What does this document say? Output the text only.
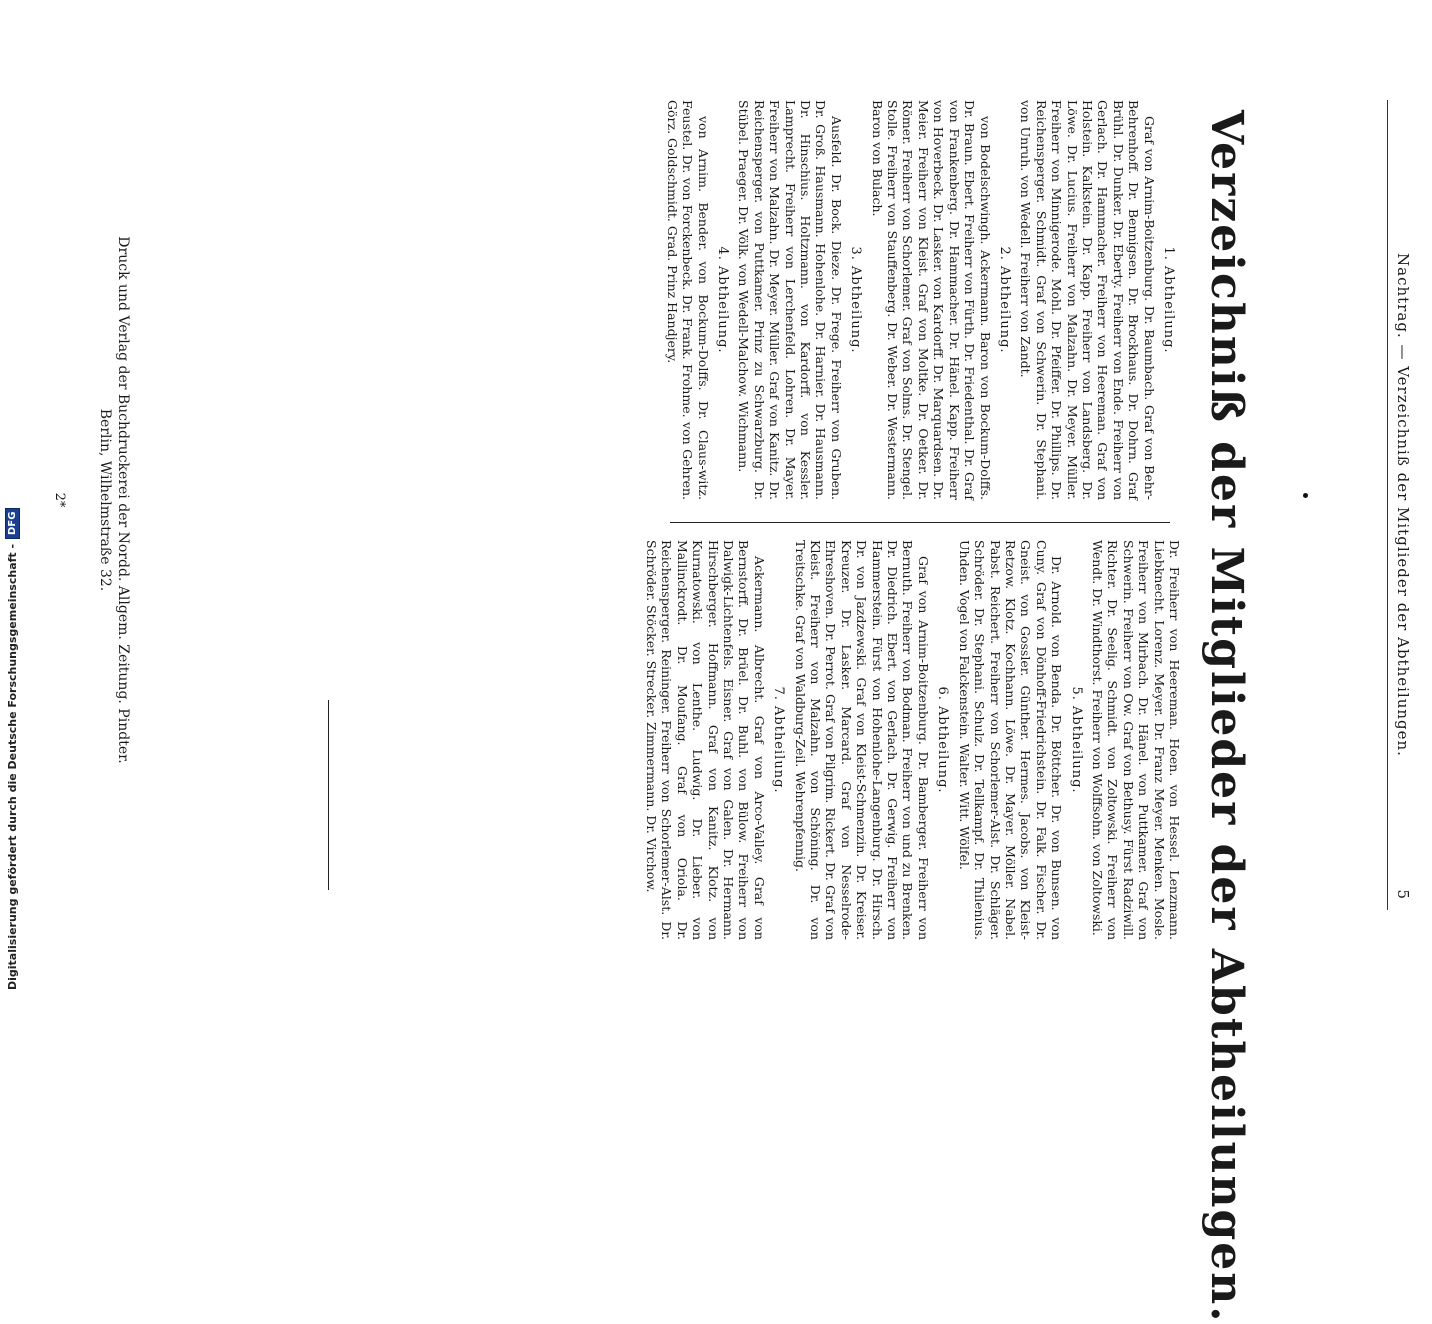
Nachtrag. — Verzeichniß der Mitglieder der Abtheilungen.
5
Verzeichniß der Mitglieder der Abtheilungen.
1. Abtheilung.

Graf von Arnim-Boitzenburg. Dr. Baumbach. Graf von Behr-Behrenhoff. Dr. Bennigsen. Dr. Brockhaus. Dr. Dohrn. Graf Brühl. Dr. Dunker. Dr. Eberty. Freiherr von Ende. Freiherr von Gerlach. Dr. Hammacher. Freiherr von Heereman. Graf von Holstein. Kalkstein. Dr. Kapp. Freiherr von Landsberg. Dr. Löwe. Dr. Lucius. Freiherr von Malzahn. Dr. Meyer. Müller. Freiherr von Minnigerode. Mohl. Dr. Pfeiffer. Dr. Phillips. Dr. Reichensperger. Schmidt. Graf von Schwerin. Dr. Stephani. von Unruh. von Wedell. Freiherr von Zandt.

2. Abtheilung.

von Bodelschwingh. Ackermann. Baron von Bockum-Dolffs. Dr. Braun. Ebert. Freiherr von Fürth. Dr. Friedenthal. Dr. Graf von Frankenberg. Dr. Hammacher. Dr. Hänel. Kapp. Freiherr von Hoverbeck. Dr. Lasker. von Kardorff. Dr. Marquardsen. Dr. Meier. Freiherr von Kleist. Graf von Moltke. Dr. Oetker. Dr. Römer. Freiherr von Schorlemer. Graf von Solms. Dr. Stengel. Stolle. Freiherr von Stauffenberg. Dr. Weber. Dr. Westermann. Baron von Bulach.

3. Abtheilung.

Ausfeld. Dr. Bock. Dieze. Dr. Frege. Freiherr von Gruben. Dr. Groß. Hausmann. Hohenlohe. Dr. Harnier. Dr. Hausmann. Dr. Hinschius. Holtzmann. von Kardorff. von Kessler. Lamprecht. Freiherr von Lerchenfeld. Lohren. Dr. Mayer. Freiherr von Malzahn. Dr. Meyer. Müller. Graf von Kanitz. Dr. Reichensperger. von Puttkamer. Prinz zu Schwarzburg. Dr. Stübel. Praeger. Dr. Völk. von Wedell-Malchow. Wichmann.

4. Abtheilung.

von Arnim. Bender. von Bockum-Dolffs. Dr. Claus-witz. Feustel. Dr. von Forckenbeck. Dr. Frank. Frohme. von Gehren. Görz. Goldschmidt. Grad. Prinz Handjery.

Dr. Freiherr von Heereman. Hoen. von Hessel. Lenzmann. Liebknecht. Lorenz. Meyer. Dr. Franz Meyer. Menken. Mosle. Freiherr von Mirbach. Dr. Hänel. von Puttkamer. Graf von Schwerin. Freiherr von Ow. Graf von Bethusy. Fürst Radziwill. Richter. Dr. Seelig. Schmidt. von Zoltowski. Freiherr von Wendt. Dr. Windthorst. Freiherr von Wolffsohn. von Zoltowski.

5. Abtheilung.

Dr. Arnold. von Benda. Dr. Böttcher. Dr. von Bunsen. von Cuny. Graf von Dönhoff-Friedrichstein. Dr. Falk. Fischer. Dr. Gneist. von Gossler. Günther. Hermes. Jacobs. von Kleist-Retzow. Klotz. Kochhann. Löwe. Dr. Mayer. Möller. Nabel. Pabst. Reichert. Freiherr von Schorlemer-Alst. Dr. Schläger. Schröder. Dr. Stephani. Schulz. Dr. Tellkampf. Dr. Thilenius. Uhden. Vogel von Falckenstein. Walter. Witt. Wölfel.

6. Abtheilung.

Graf von Arnim-Boitzenburg. Dr. Bamberger. Freiherr von Bernuth. Freiherr von Bodman. Freiherr von und zu Brenken. Dr. Diedrich. Ebert. von Gerlach. Dr. Gerwig. Freiherr von Hammerstein. Fürst von Hohenlohe-Langenburg. Dr. Hirsch. Dr. von Jazdzewski. Graf von Kleist-Schmenzin. Dr. Kreiser. Kreuzer. Dr. Lasker. Marcard. Graf von Nesselrode-Ehreshoven. Dr. Perrot. Graf von Pilgrim. Rickert. Dr. Graf von Kleist. Freiherr von Malzahn. von Schöning. Dr. von Treitschke. Graf von Waldburg-Zeil. Wehrenpfennig.

7. Abtheilung.

Ackermann. Albrecht. Graf von Arco-Valley. Graf von Bernstorff. Dr. Brüel. Dr. Buhl. von Bülow. Freiherr von Dalwigk-Lichtenfels. Eisner. Graf von Galen. Dr. Hermann. Hirschberger. Hoffmann. Graf von Kanitz. Klotz. von Kurnatowski. von Lenthe. Ludwig. Dr. Lieber. von Mallinckrodt. Dr. Moufang. Graf von Oriola. Dr. Reichensperger. Reininger. Freiherr von Schorlemer-Alst. Dr. Schröder. Stöcker. Strecker. Zimmermann. Dr. Virchow.

Druck und Verlag der Buchdruckerei der Nordd. Allgem. Zeitung. Pindter.
Berlin, Wilhelmstraße 32.
2*
Digitalisierung gefördert durch die Deutsche Forschungsgemeinschaft -
DFG
